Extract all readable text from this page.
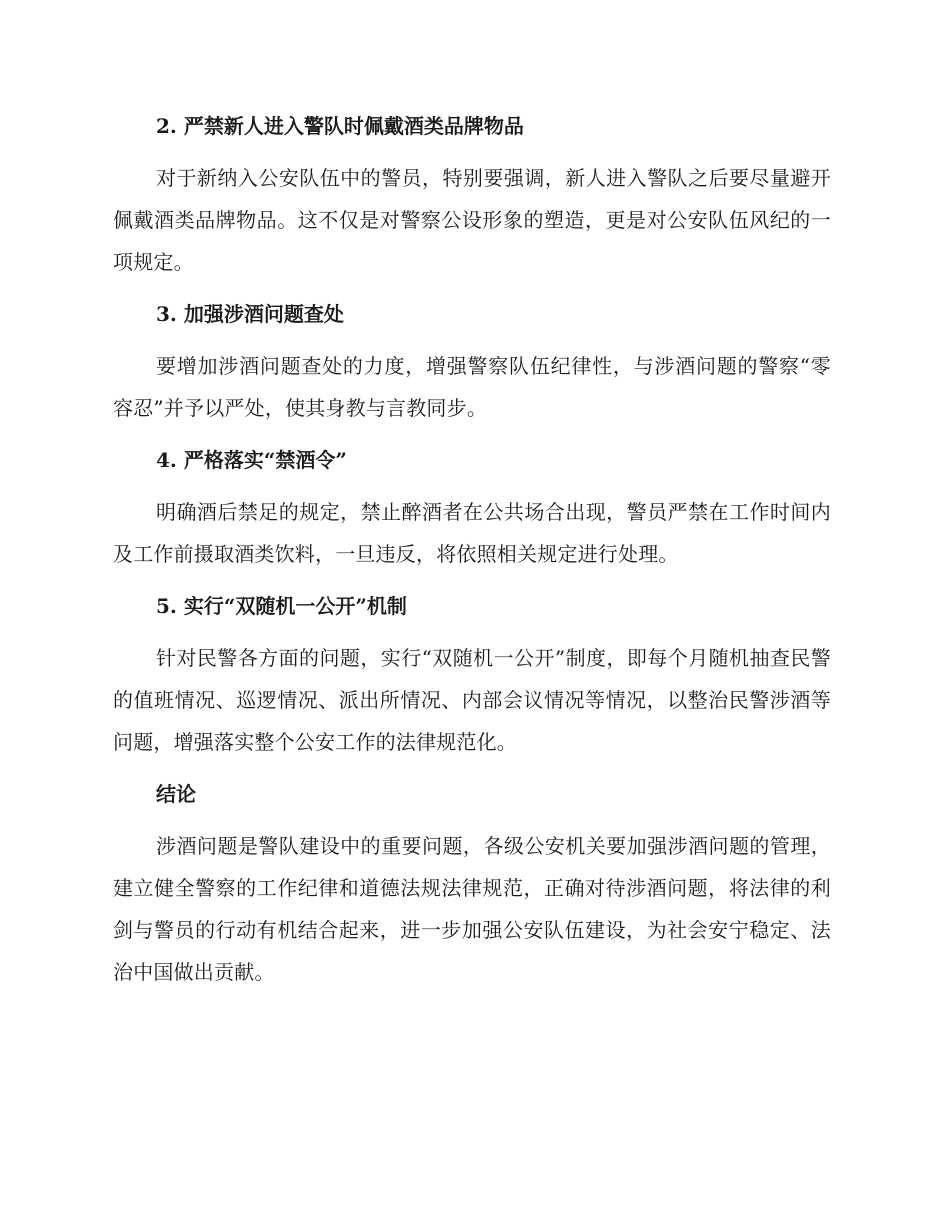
2. 严禁新人进入警队时佩戴酒类品牌物品

对于新纳入公安队伍中的警员，特别要强调，新人进入警队之后要尽量避开佩戴酒类品牌物品。这不仅是对警察公设形象的塑造，更是对公安队伍风纪的一项规定。

3. 加强涉酒问题查处

要增加涉酒问题查处的力度，增强警察队伍纪律性，与涉酒问题的警察“零容忍”并予以严处，使其身教与言教同步。

4. 严格落实“禁酒令”

明确酒后禁足的规定，禁止醉酒者在公共场合出现，警员严禁在工作时间内及工作前摄取酒类饮料，一旦违反，将依照相关规定进行处理。

5. 实行“双随机一公开”机制

针对民警各方面的问题，实行“双随机一公开”制度，即每个月随机抽查民警的值班情况、巡逻情况、派出所情况、内部会议情况等情况，以整治民警涉酒等问题，增强落实整个公安工作的法律规范化。

结论

涉酒问题是警队建设中的重要问题，各级公安机关要加强涉酒问题的管理，建立健全警察的工作纪律和道德法规法律规范，正确对待涉酒问题，将法律的利剑与警员的行动有机结合起来，进一步加强公安队伍建设，为社会安宁稳定、法治中国做出贡献。
